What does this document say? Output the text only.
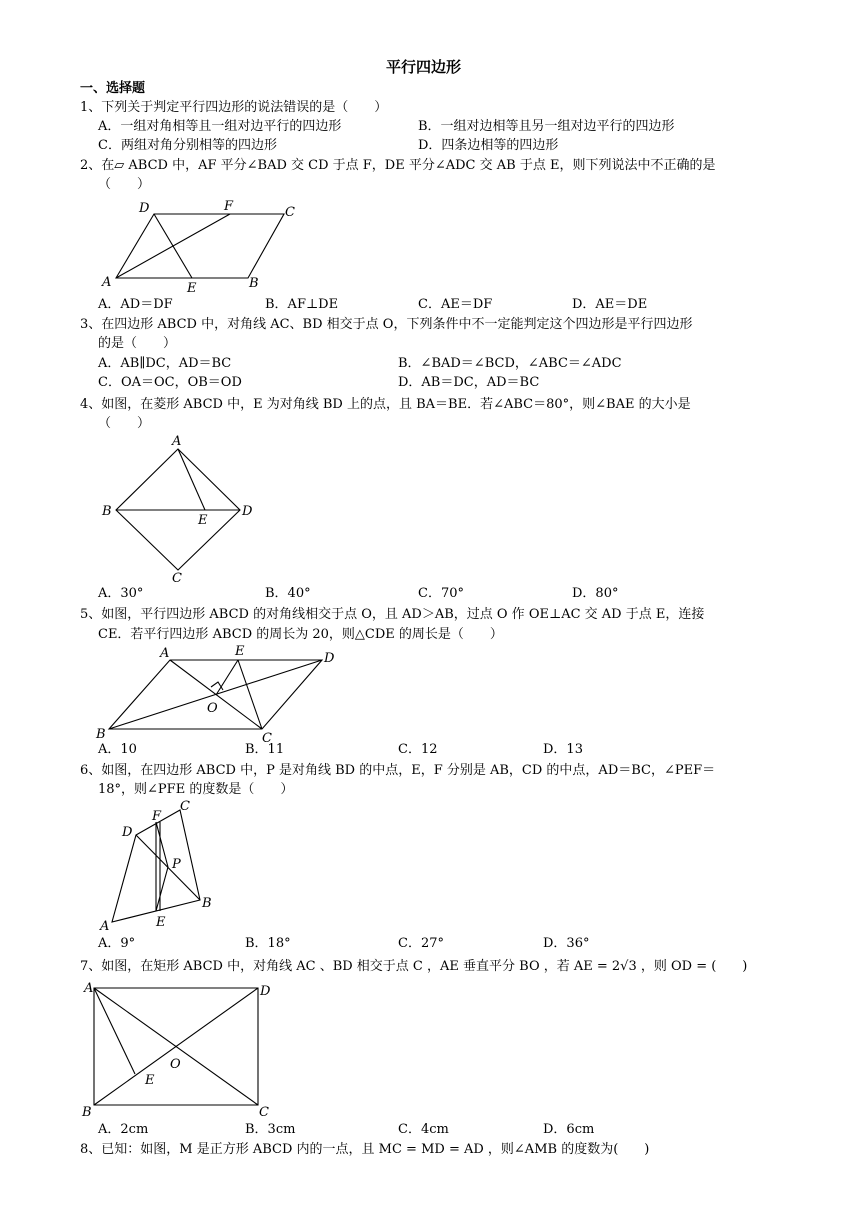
平行四边形
一、选择题
1、下列关于判定平行四边形的说法错误的是（　　）
A．一组对角相等且一组对边平行的四边形	B．一组对边相等且另一组对边平行的四边形
C．两组对角分别相等的四边形	D．四条边相等的四边形
2、在▱ ABCD 中，AF 平分∠BAD 交 CD 于点 F，DE 平分∠ADC 交 AB 于点 E，则下列说法中不正确的是
（　　）
D	F	C
A	E	B
A．AD＝DF	B．AF⊥DE	C．AE＝DF	D．AE＝DE
3、在四边形 ABCD 中，对角线 AC、BD 相交于点 O，下列条件中不一定能判定这个四边形是平行四边形
的是（　　）
A．AB∥DC，AD＝BC	B．∠BAD＝∠BCD，∠ABC＝∠ADC
C．OA＝OC，OB＝OD	D．AB＝DC，AD＝BC
4、如图，在菱形 ABCD 中，E 为对角线 BD 上的点，且 BA＝BE．若∠ABC＝80°，则∠BAE 的大小是
（　　）
A
B
E
D
C
A．30°	B．40°	C．70°	D．80°
5、如图，平行四边形 ABCD 的对角线相交于点 O，且 AD＞AB，过点 O 作 OE⊥AC 交 AD 于点 E，连接
CE．若平行四边形 ABCD 的周长为 20，则△CDE 的周长是（　　）
A	E	D
O
B	C
A．10	B．11	C．12	D．13
6、如图，在四边形 ABCD 中，P 是对角线 BD 的中点，E，F 分别是 AB，CD 的中点，AD＝BC，∠PEF＝
18°，则∠PFE 的度数是（　　）
F
C
D
P
A	E
B
A．9°	B．18°	C．27°	D．36°
7、如图，在矩形 ABCD 中，对角线 AC 、BD 相交于点 C ，AE 垂直平分 BO ，若 AE = 2√3 ，则 OD = (　　)
A	D
O
E
B	C
A．2cm	B．3cm	C．4cm	D．6cm
8、已知：如图，M 是正方形 ABCD 内的一点，且 MC = MD = AD ，则∠AMB 的度数为(　　)
